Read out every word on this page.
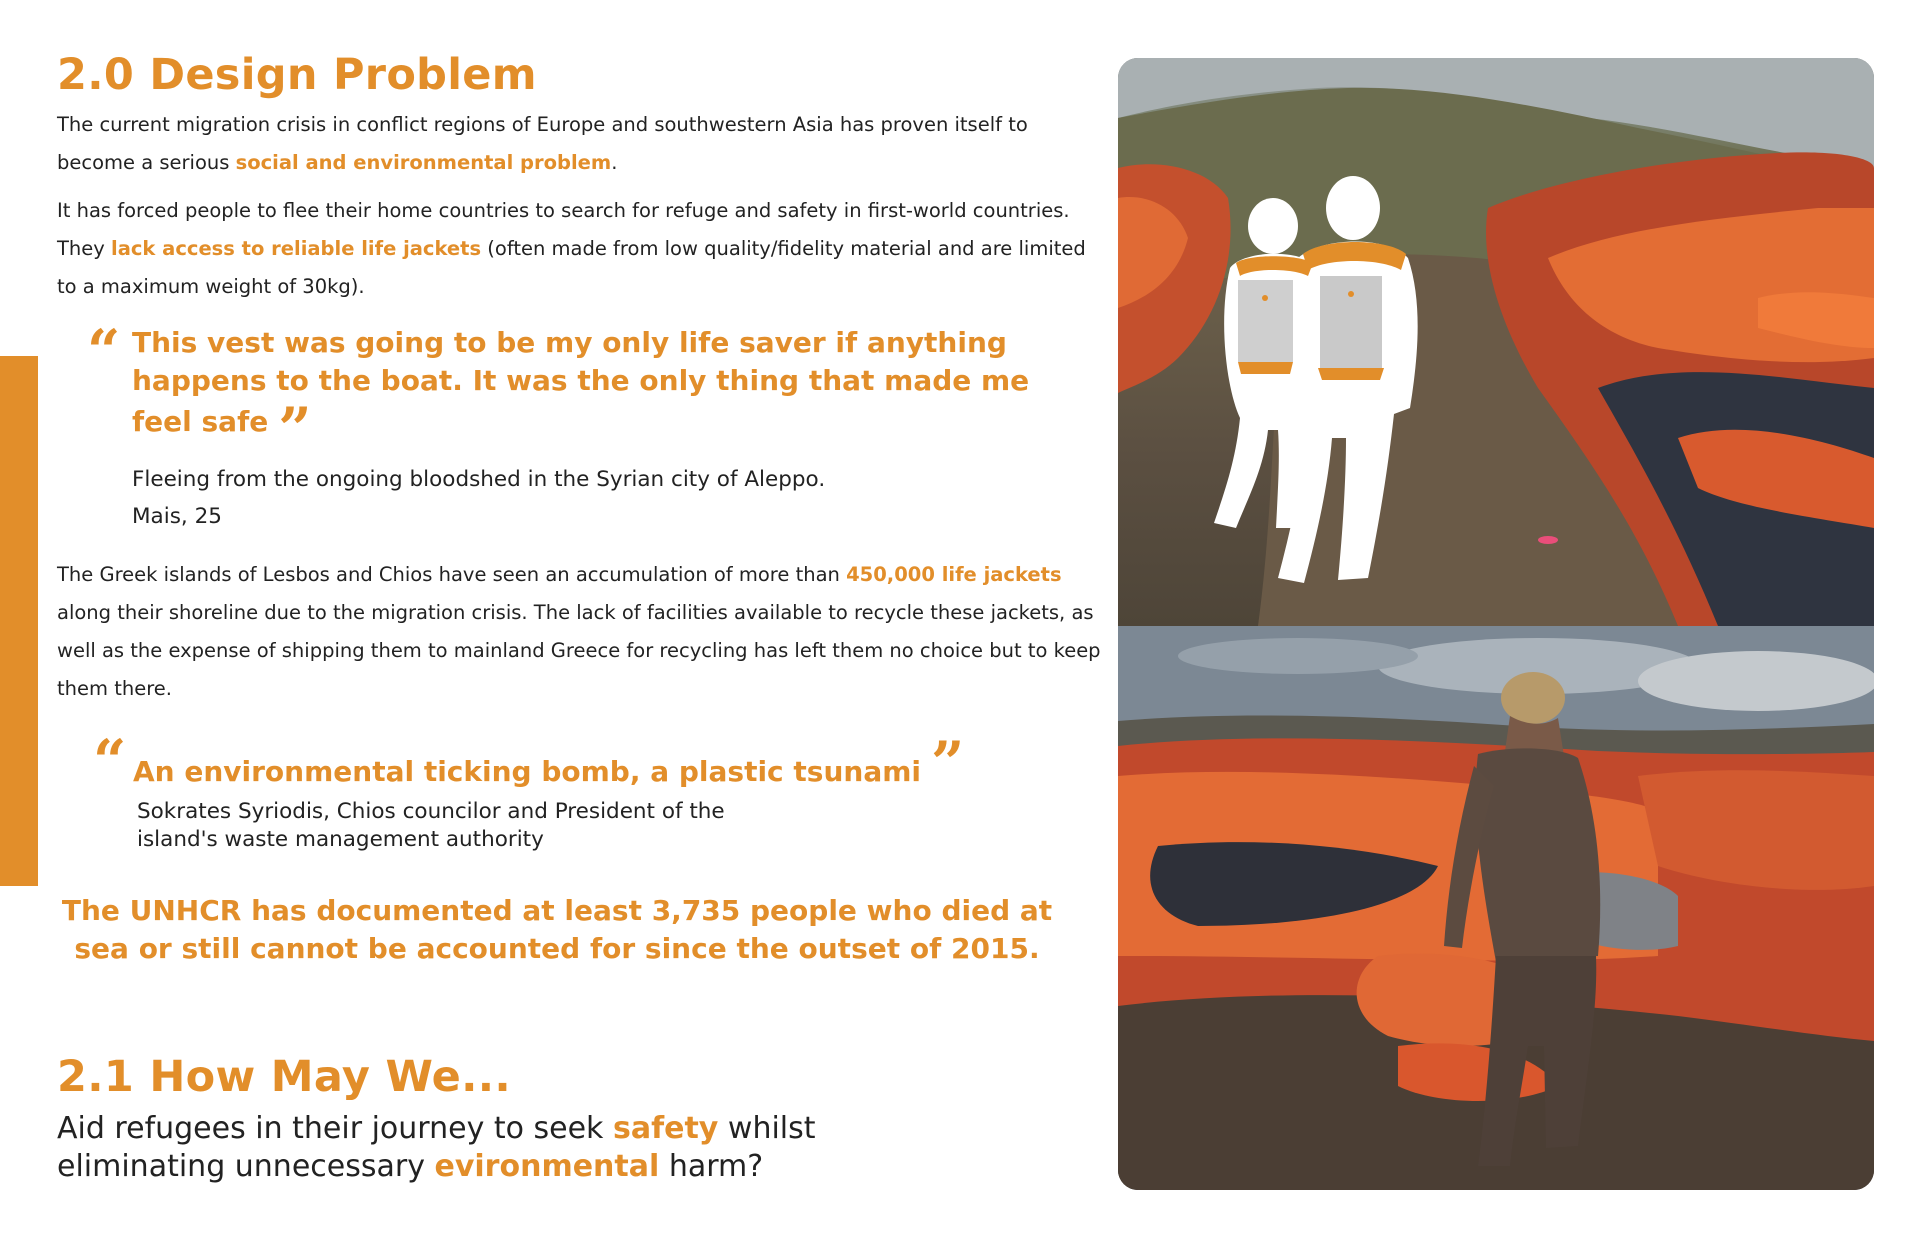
2.0 Design Problem

The current migration crisis in conflict regions of Europe and southwestern Asia has proven itself to become a serious social and environmental problem.

It has forced people to flee their home countries to search for refuge and safety in first-world countries. They lack access to reliable life jackets (often made from low quality/fidelity material and are limited to a maximum weight of 30kg).

“ This vest was going to be my only life saver if anything happens to the boat. It was the only thing that made me feel safe ”
Fleeing from the ongoing bloodshed in the Syrian city of Aleppo.
Mais, 25

The Greek islands of Lesbos and Chios have seen an accumulation of more than 450,000 life jackets along their shoreline due to the migration crisis. The lack of facilities available to recycle these jackets, as well as the expense of shipping them to mainland Greece for recycling has left them no choice but to keep them there.

“ An environmental ticking bomb, a plastic tsunami ”
Sokrates Syriodis, Chios councilor and President of the
island's waste management authority
The UNHCR has documented at least 3,735 people who died at sea or still cannot be accounted for since the outset of 2015.
2.1 How May We...

Aid refugees in their journey to seek safety whilst eliminating unnecessary evironmental harm?
